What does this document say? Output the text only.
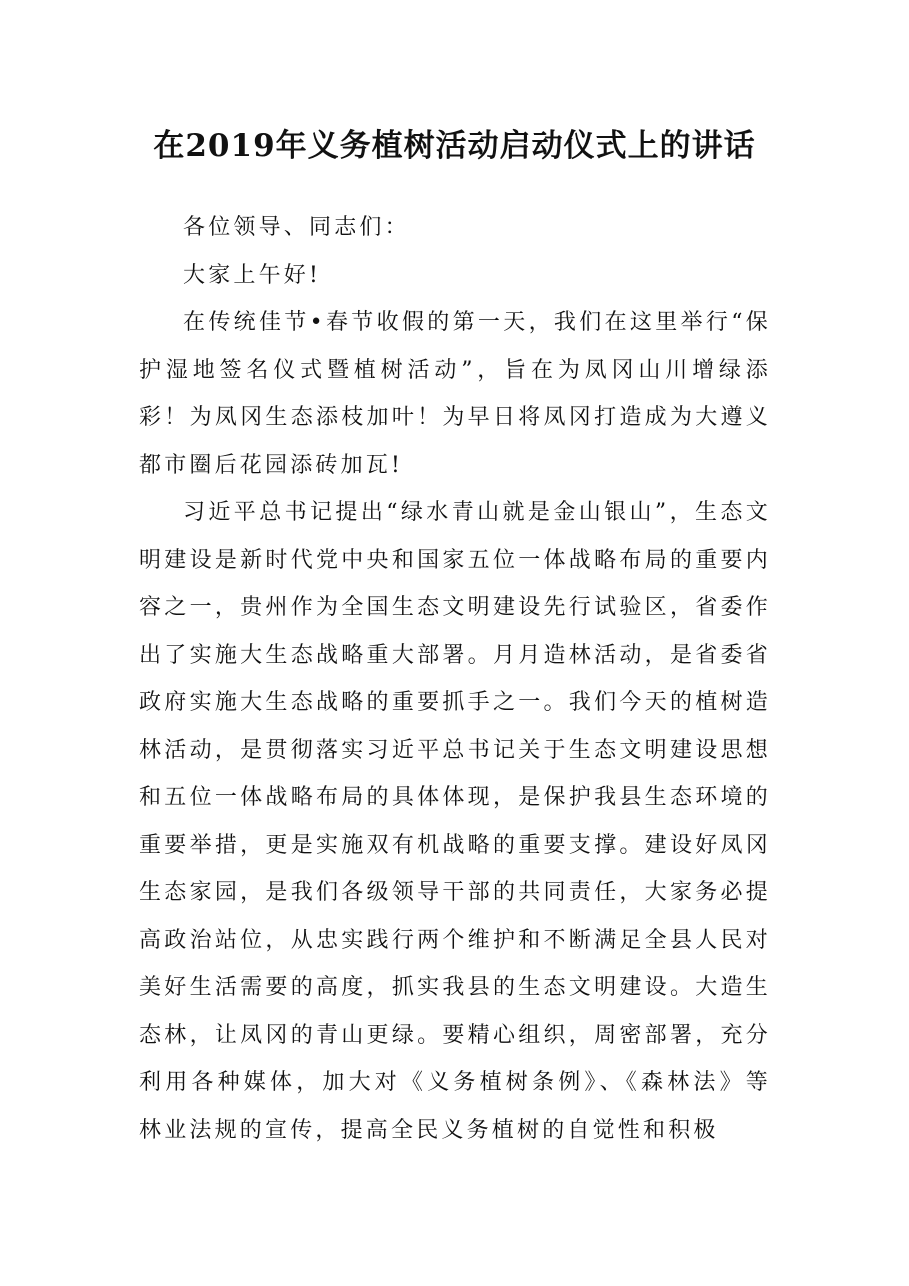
在2019年义务植树活动启动仪式上的讲话

各位领导、同志们：

大家上午好!

在传统佳节•春节收假的第一天，我们在这里举行“保护湿地签名仪式暨植树活动”，旨在为凤冈山川增绿添彩！为凤冈生态添枝加叶！为早日将凤冈打造成为大遵义都市圈后花园添砖加瓦!

习近平总书记提出“绿水青山就是金山银山”，生态文明建设是新时代党中央和国家五位一体战略布局的重要内容之一，贵州作为全国生态文明建设先行试验区，省委作出了实施大生态战略重大部署。月月造林活动，是省委省政府实施大生态战略的重要抓手之一。我们今天的植树造林活动，是贯彻落实习近平总书记关于生态文明建设思想和五位一体战略布局的具体体现，是保护我县生态环境的重要举措，更是实施双有机战略的重要支撑。建设好凤冈生态家园，是我们各级领导干部的共同责任，大家务必提高政治站位，从忠实践行两个维护和不断满足全县人民对美好生活需要的高度，抓实我县的生态文明建设。大造生态林，让凤冈的青山更绿。要精心组织，周密部署，充分利用各种媒体，加大对《义务植树条例》、《森林法》等林业法规的宣传，提高全民义务植树的自觉性和积极
